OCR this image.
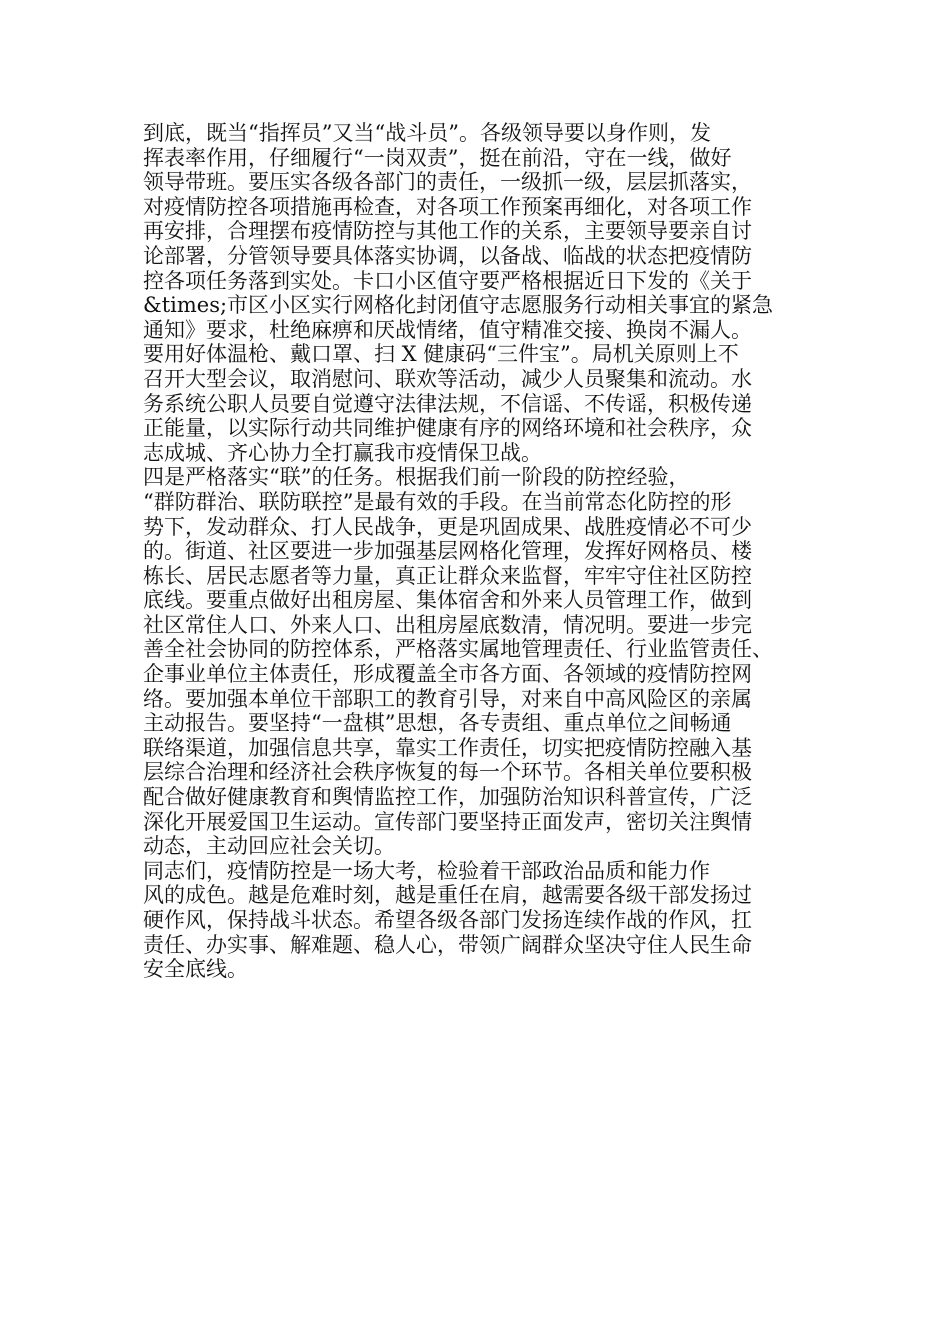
到底，既当“指挥员”又当“战斗员”。各级领导要以身作则，发
挥表率作用，仔细履行“一岗双责”，挺在前沿，守在一线，做好
领导带班。要压实各级各部门的责任，一级抓一级，层层抓落实，
对疫情防控各项措施再检查，对各项工作预案再细化，对各项工作
再安排，合理摆布疫情防控与其他工作的关系，主要领导要亲自讨
论部署，分管领导要具体落实协调，以备战、临战的状态把疫情防
控各项任务落到实处。卡口小区值守要严格根据近日下发的《关于
&times;市区小区实行网格化封闭值守志愿服务行动相关事宜的紧急
通知》要求，杜绝麻痹和厌战情绪，值守精准交接、换岗不漏人。
要用好体温枪、戴口罩、扫 X 健康码“三件宝”。局机关原则上不
召开大型会议，取消慰问、联欢等活动，减少人员聚集和流动。水
务系统公职人员要自觉遵守法律法规，不信谣、不传谣，积极传递
正能量，以实际行动共同维护健康有序的网络环境和社会秩序，众
志成城、齐心协力全打赢我市疫情保卫战。

四是严格落实“联”的任务。根据我们前一阶段的防控经验，
“群防群治、联防联控”是最有效的手段。在当前常态化防控的形
势下，发动群众、打人民战争，更是巩固成果、战胜疫情必不可少
的。街道、社区要进一步加强基层网格化管理，发挥好网格员、楼
栋长、居民志愿者等力量，真正让群众来监督，牢牢守住社区防控
底线。要重点做好出租房屋、集体宿舍和外来人员管理工作，做到
社区常住人口、外来人口、出租房屋底数清，情况明。要进一步完
善全社会协同的防控体系，严格落实属地管理责任、行业监管责任、
企事业单位主体责任，形成覆盖全市各方面、各领域的疫情防控网
络。要加强本单位干部职工的教育引导，对来自中高风险区的亲属
主动报告。要坚持“一盘棋”思想，各专责组、重点单位之间畅通
联络渠道，加强信息共享，靠实工作责任，切实把疫情防控融入基
层综合治理和经济社会秩序恢复的每一个环节。各相关单位要积极
配合做好健康教育和舆情监控工作，加强防治知识科普宣传，广泛
深化开展爱国卫生运动。宣传部门要坚持正面发声，密切关注舆情
动态，主动回应社会关切。

同志们，疫情防控是一场大考，检验着干部政治品质和能力作
风的成色。越是危难时刻，越是重任在肩，越需要各级干部发扬过
硬作风，保持战斗状态。希望各级各部门发扬连续作战的作风，扛
责任、办实事、解难题、稳人心，带领广阔群众坚决守住人民生命
安全底线。
